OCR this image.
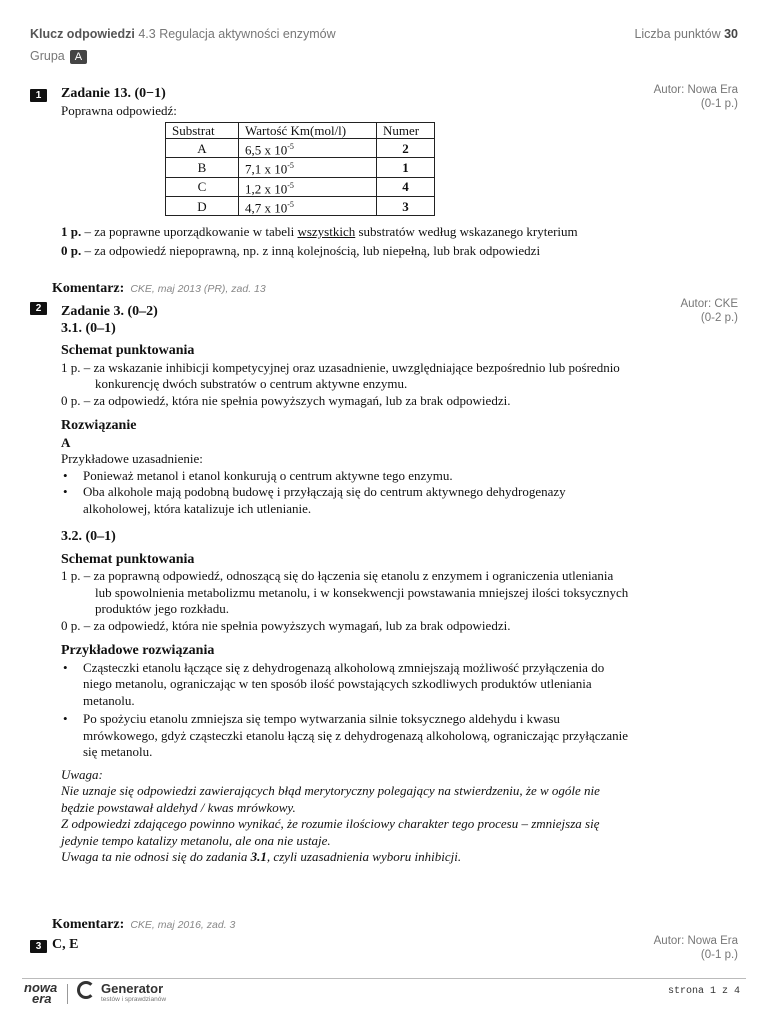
Klucz odpowiedzi 4.3 Regulacja aktywności enzymów	Liczba punktów 30
Grupa A
1	Autor: Nowa Era
(0-1 p.)

Zadanie 13. (0−1)

Poprawna odpowiedź:

Substrat	Wartość Km(mol/l)	Numer
A	6,5 x $10^{-5}$	2
B	7,1 x $10^{-5}$	1
C	1,2 x $10^{-5}$	4
D	4,7 x $10^{-5}$	3

1 p. – za poprawne uporządkowanie w tabeli wszystkich substratów według wskazanego kryterium

0 p. – za odpowiedź niepoprawną, np. z inną kolejnością, lub niepełną, lub brak odpowiedzi

Komentarz: CKE, maj 2013 (PR), zad. 13
2	Autor: CKE
(0-2 p.)

Zadanie 3. (0–2)

3.1. (0–1)

Schemat punktowania

1 p. – za wskazanie inhibicji kompetycyjnej oraz uzasadnienie, uwzględniające bezpośrednio lub pośrednio konkurencję dwóch substratów o centrum aktywne enzymu.

0 p. – za odpowiedź, która nie spełnia powyższych wymagań, lub za brak odpowiedzi.

Rozwiązanie

A

Przykładowe uzasadnienie:

• Ponieważ metanol i etanol konkurują o centrum aktywne tego enzymu.

• Oba alkohole mają podobną budowę i przyłączają się do centrum aktywnego dehydrogenazy alkoholowej, która katalizuje ich utlenianie.

3.2. (0–1)

Schemat punktowania

1 p. – za poprawną odpowiedź, odnoszącą się do łączenia się etanolu z enzymem i ograniczenia utleniania lub spowolnienia metabolizmu metanolu, i w konsekwencji powstawania mniejszej ilości toksycznych produktów jego rozkładu.

0 p. – za odpowiedź, która nie spełnia powyższych wymagań, lub za brak odpowiedzi.

Przykładowe rozwiązania

• Cząsteczki etanolu łączące się z dehydrogenazą alkoholową zmniejszają możliwość przyłączenia do niego metanolu, ograniczając w ten sposób ilość powstających szkodliwych produktów utleniania metanolu.

• Po spożyciu etanolu zmniejsza się tempo wytwarzania silnie toksycznego aldehydu i kwasu mrówkowego, gdyż cząsteczki etanolu łączą się z dehydrogenazą alkoholową, ograniczając przyłączanie się metanolu.

Uwaga:

Nie uznaje się odpowiedzi zawierających błąd merytoryczny polegający na stwierdzeniu, że w ogóle nie będzie powstawał aldehyd / kwas mrówkowy.

Z odpowiedzi zdającego powinno wynikać, że rozumie ilościowy charakter tego procesu – zmniejsza się jedynie tempo katalizy metanolu, ale ona nie ustaje.

Uwaga ta nie odnosi się do zadania 3.1, czyli uzasadnienia wyboru inhibicji.

Komentarz: CKE, maj 2016, zad. 3
3 C, E	Autor: Nowa Era
(0-1 p.)
nowa
era
Generator
testów i sprawdzianów
strona 1 z 4
